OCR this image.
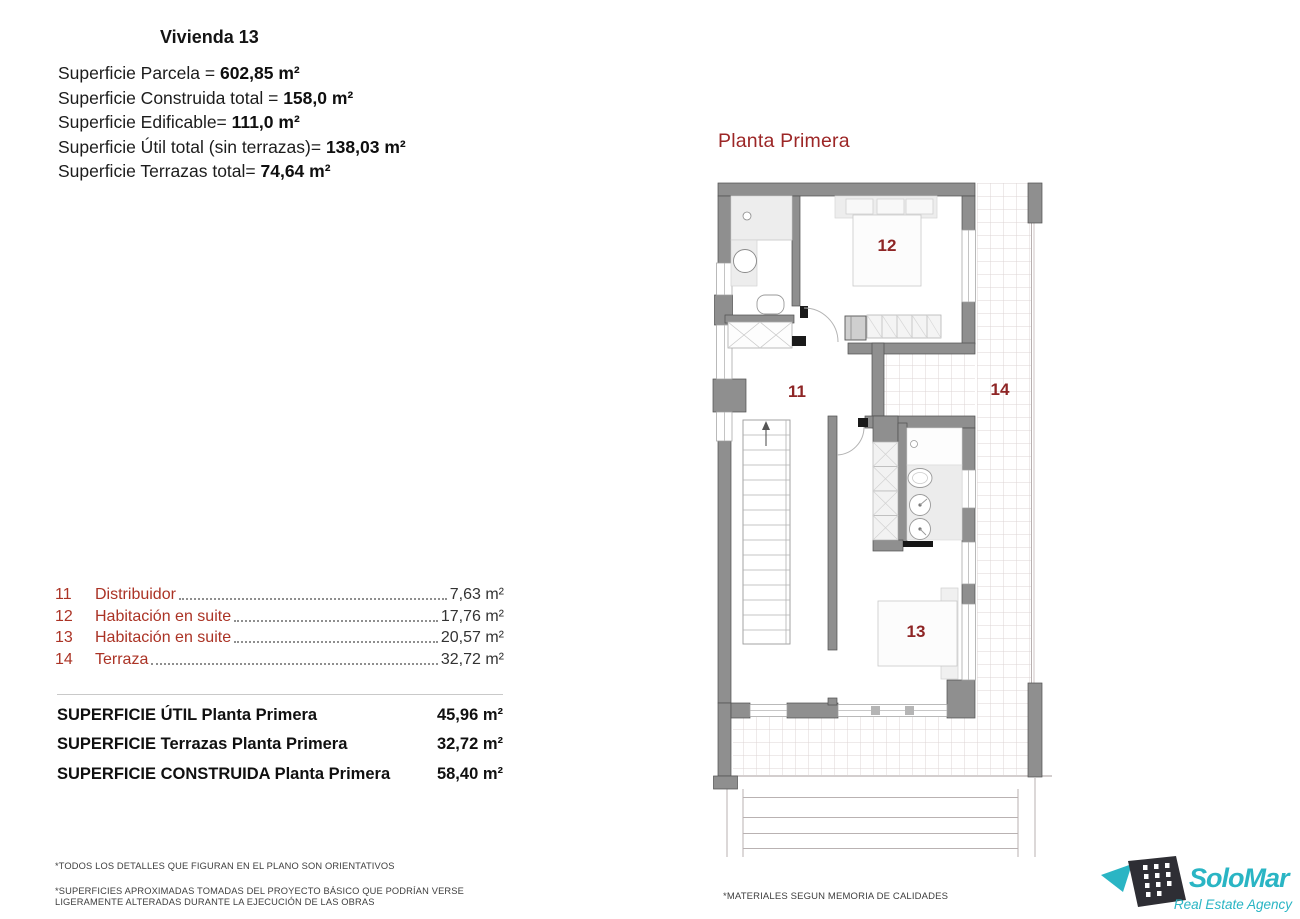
Vivienda 13
Superficie Parcela = 602,85 m²
Superficie Construida total = 158,0 m²
Superficie Edificable= 111,0 m²
Superficie Útil total (sin terrazas)= 138,03 m²
Superficie Terrazas total= 74,64 m²
Planta Primera
11	Distribuidor	7,63 m²
12	Habitación en suite	17,76 m²
13	Habitación en suite	20,57 m²
14	Terraza	32,72 m²
SUPERFICIE ÚTIL Planta Primera	45,96 m²
SUPERFICIE Terrazas Planta Primera	32,72 m²
SUPERFICIE CONSTRUIDA Planta Primera	58,40 m²
*TODOS LOS DETALLES QUE FIGURAN EN EL PLANO SON ORIENTATIVOS
*SUPERFICIES APROXIMADAS TOMADAS DEL PROYECTO BÁSICO QUE PODRÍAN VERSE
LIGERAMENTE ALTERADAS DURANTE LA EJECUCIÓN DE LAS OBRAS	*MATERIALES SEGUN MEMORIA DE CALIDADES
11
12
13
14
SoloMar
Real Estate Agency
